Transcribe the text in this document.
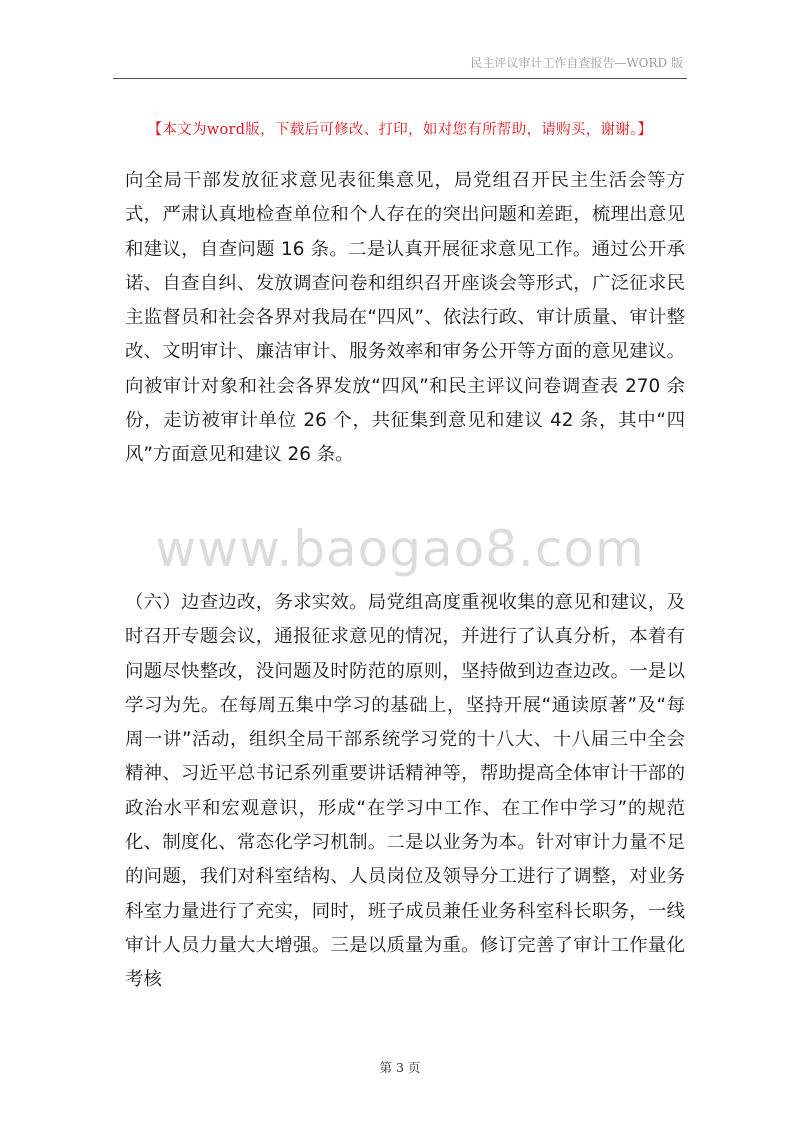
民主评议审计工作自查报告—WORD 版
【本文为word版，下载后可修改、打印，如对您有所帮助，请购买，谢谢。】
www.baogao8.com

向全局干部发放征求意见表征集意见，局党组召开民主生活会等方式，严肃认真地检查单位和个人存在的突出问题和差距，梳理出意见和建议，自查问题 16 条。二是认真开展征求意见工作。通过公开承诺、自查自纠、发放调查问卷和组织召开座谈会等形式，广泛征求民主监督员和社会各界对我局在“四风”、依法行政、审计质量、审计整改、文明审计、廉洁审计、服务效率和审务公开等方面的意见建议。向被审计对象和社会各界发放“四风”和民主评议问卷调查表 270 余份，走访被审计单位 26 个，共征集到意见和建议 42 条，其中“四风”方面意见和建议 26 条。

（六）边查边改，务求实效。局党组高度重视收集的意见和建议，及时召开专题会议，通报征求意见的情况，并进行了认真分析，本着有问题尽快整改，没问题及时防范的原则，坚持做到边查边改。一是以学习为先。在每周五集中学习的基础上，坚持开展“通读原著”及“每周一讲”活动，组织全局干部系统学习党的十八大、十八届三中全会精神、习近平总书记系列重要讲话精神等，帮助提高全体审计干部的政治水平和宏观意识，形成“在学习中工作、在工作中学习”的规范化、制度化、常态化学习机制。二是以业务为本。针对审计力量不足的问题，我们对科室结构、人员岗位及领导分工进行了调整，对业务科室力量进行了充实，同时，班子成员兼任业务科室科长职务，一线审计人员力量大大增强。三是以质量为重。修订完善了审计工作量化考核

第 3 页
